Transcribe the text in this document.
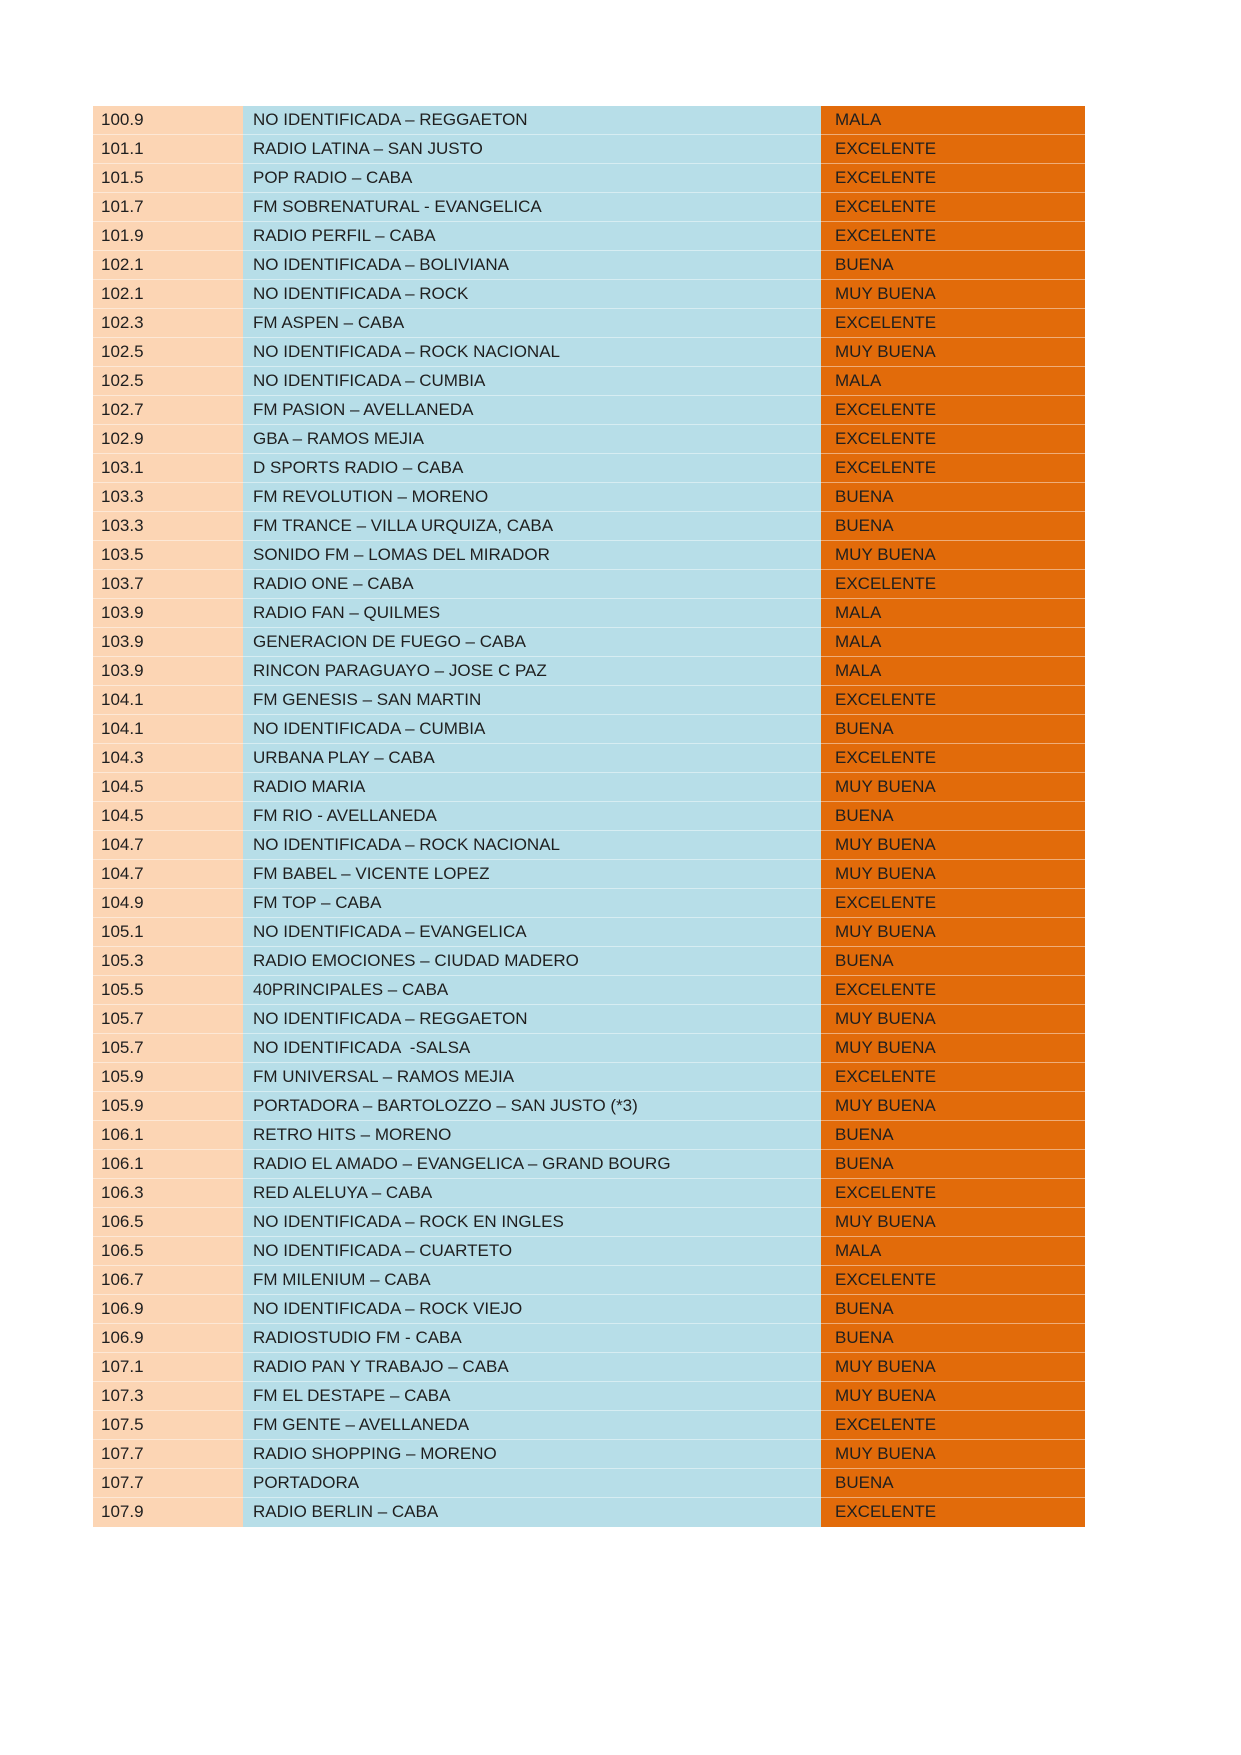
100.9	NO IDENTIFICADA – REGGAETON	MALA
101.1	RADIO LATINA – SAN JUSTO	EXCELENTE
101.5	POP RADIO – CABA	EXCELENTE
101.7	FM SOBRENATURAL - EVANGELICA	EXCELENTE
101.9	RADIO PERFIL – CABA	EXCELENTE
102.1	NO IDENTIFICADA – BOLIVIANA	BUENA
102.1	NO IDENTIFICADA – ROCK	MUY BUENA
102.3	FM ASPEN – CABA	EXCELENTE
102.5	NO IDENTIFICADA – ROCK NACIONAL	MUY BUENA
102.5	NO IDENTIFICADA – CUMBIA	MALA
102.7	FM PASION – AVELLANEDA	EXCELENTE
102.9	GBA – RAMOS MEJIA	EXCELENTE
103.1	D SPORTS RADIO – CABA	EXCELENTE
103.3	FM REVOLUTION – MORENO	BUENA
103.3	FM TRANCE – VILLA URQUIZA, CABA	BUENA
103.5	SONIDO FM – LOMAS DEL MIRADOR	MUY BUENA
103.7	RADIO ONE – CABA	EXCELENTE
103.9	RADIO FAN – QUILMES	MALA
103.9	GENERACION DE FUEGO – CABA	MALA
103.9	RINCON PARAGUAYO – JOSE C PAZ	MALA
104.1	FM GENESIS – SAN MARTIN	EXCELENTE
104.1	NO IDENTIFICADA – CUMBIA	BUENA
104.3	URBANA PLAY – CABA	EXCELENTE
104.5	RADIO MARIA	MUY BUENA
104.5	FM RIO - AVELLANEDA	BUENA
104.7	NO IDENTIFICADA – ROCK NACIONAL	MUY BUENA
104.7	FM BABEL – VICENTE LOPEZ	MUY BUENA
104.9	FM TOP – CABA	EXCELENTE
105.1	NO IDENTIFICADA – EVANGELICA	MUY BUENA
105.3	RADIO EMOCIONES – CIUDAD MADERO	BUENA
105.5	40PRINCIPALES – CABA	EXCELENTE
105.7	NO IDENTIFICADA – REGGAETON	MUY BUENA
105.7	NO IDENTIFICADA  -SALSA	MUY BUENA
105.9	FM UNIVERSAL – RAMOS MEJIA	EXCELENTE
105.9	PORTADORA – BARTOLOZZO – SAN JUSTO (*3)	MUY BUENA
106.1	RETRO HITS – MORENO	BUENA
106.1	RADIO EL AMADO – EVANGELICA – GRAND BOURG	BUENA
106.3	RED ALELUYA – CABA	EXCELENTE
106.5	NO IDENTIFICADA – ROCK EN INGLES	MUY BUENA
106.5	NO IDENTIFICADA – CUARTETO	MALA
106.7	FM MILENIUM – CABA	EXCELENTE
106.9	NO IDENTIFICADA – ROCK VIEJO	BUENA
106.9	RADIOSTUDIO FM - CABA	BUENA
107.1	RADIO PAN Y TRABAJO – CABA	MUY BUENA
107.3	FM EL DESTAPE – CABA	MUY BUENA
107.5	FM GENTE – AVELLANEDA	EXCELENTE
107.7	RADIO SHOPPING – MORENO	MUY BUENA
107.7	PORTADORA	BUENA
107.9	RADIO BERLIN – CABA	EXCELENTE
